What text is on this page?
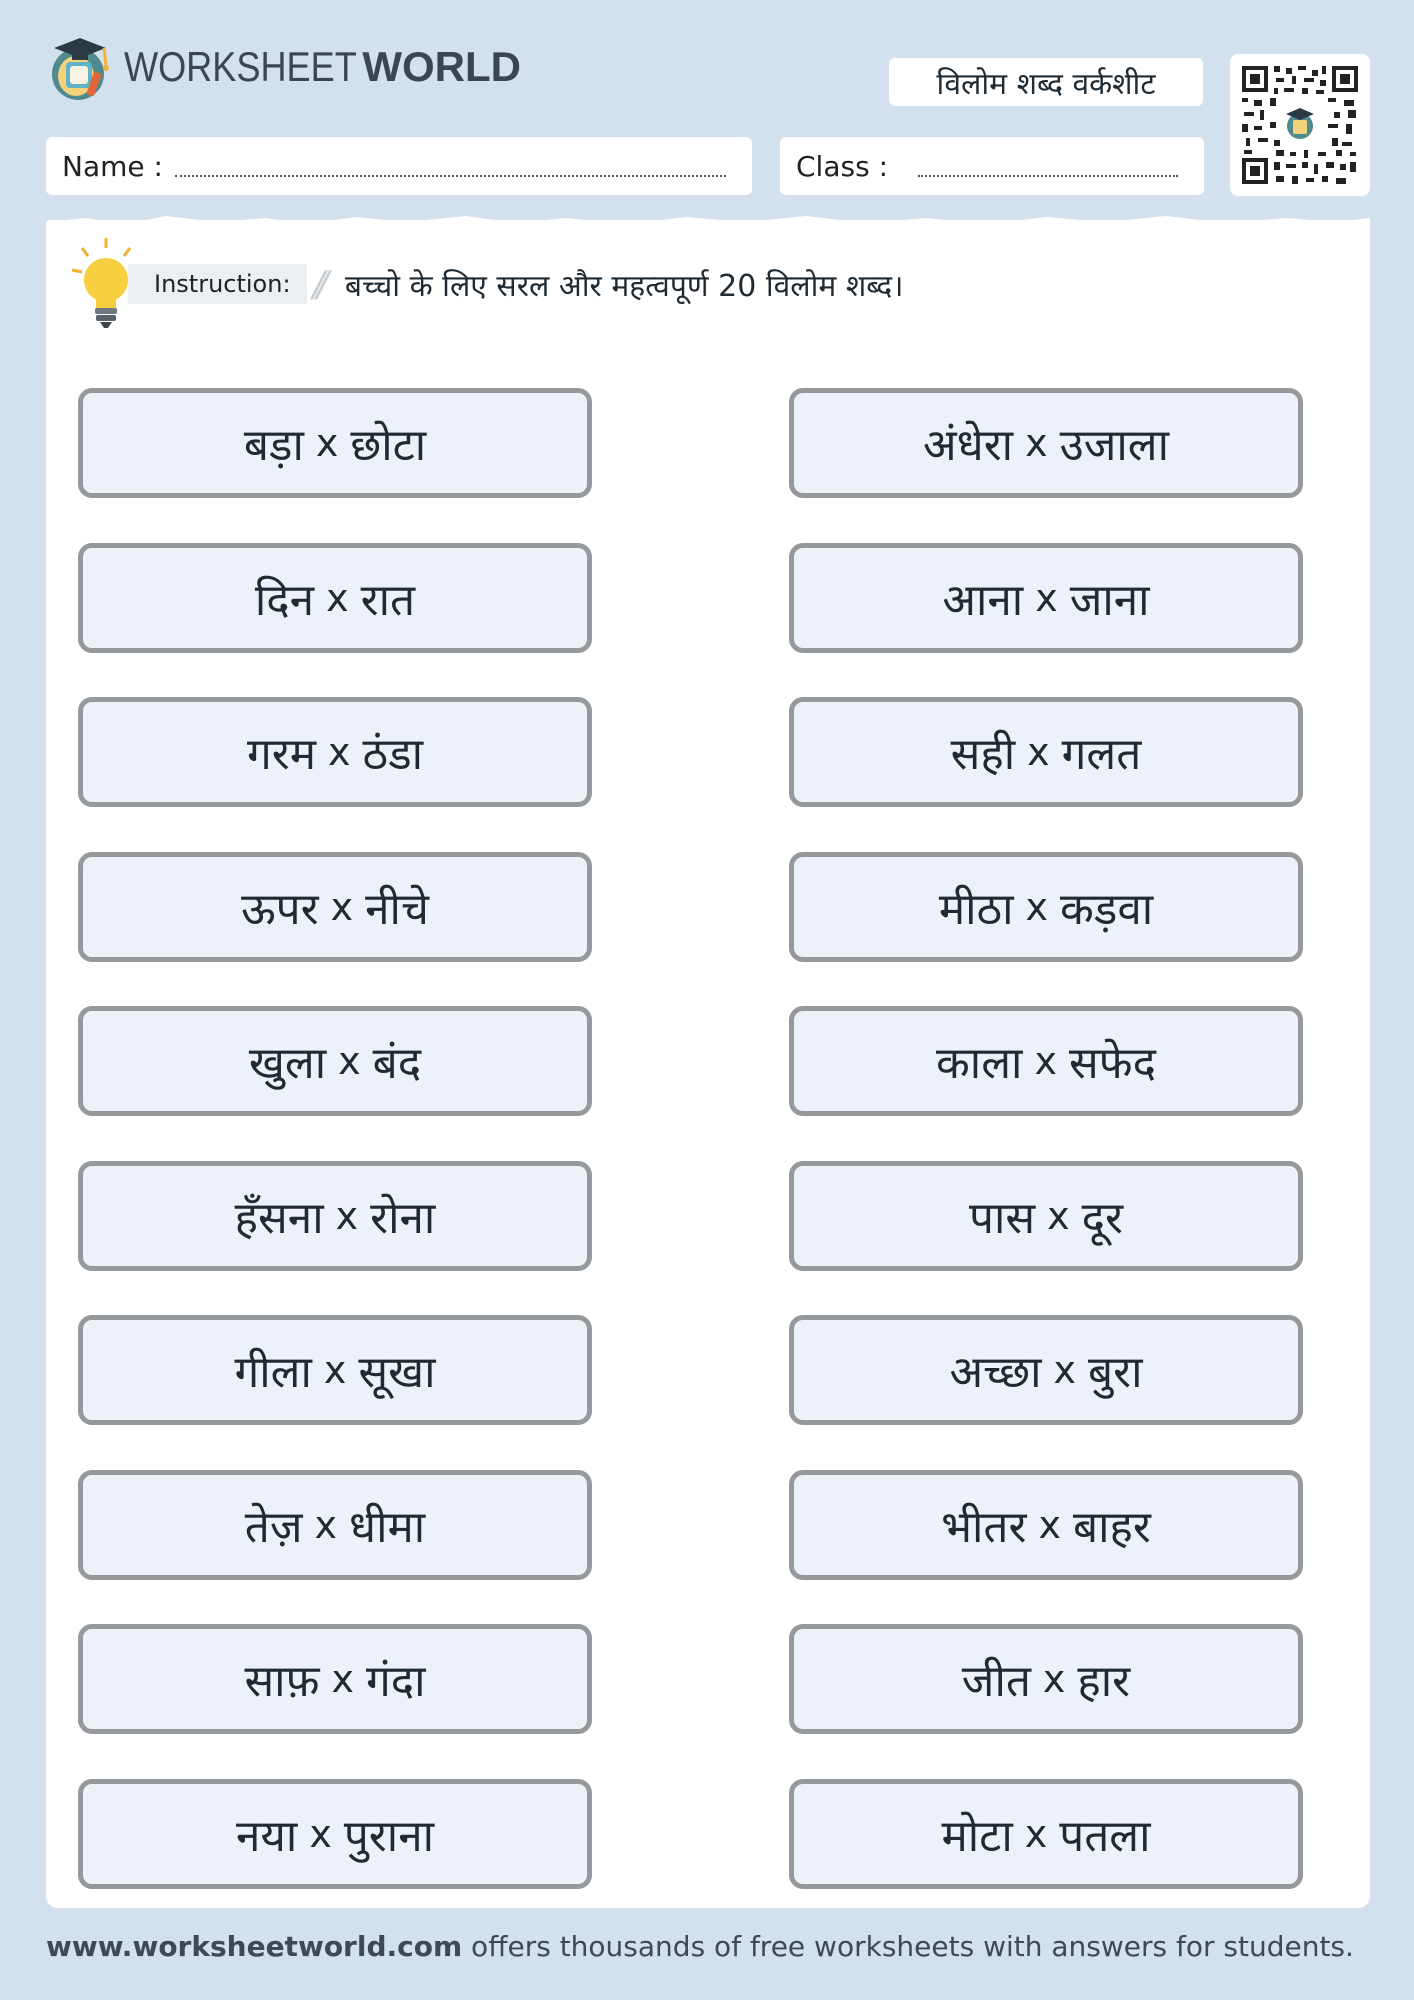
WORKSHEET WORLD	विलोम शब्द वर्कशीट
Name :	Class :
Instruction: // बच्चो के लिए सरल और महत्वपूर्ण 20 विलोम शब्द।
बड़ा x छोटा
दिन x रात
गरम x ठंडा
ऊपर x नीचे
खुला x बंद
हँसना x रोना
गीला x सूखा
तेज़ x धीमा
साफ़ x गंदा
नया x पुराना
अंधेरा x उजाला
आना x जाना
सही x गलत
मीठा x कड़वा
काला x सफेद
पास x दूर
अच्छा x बुरा
भीतर x बाहर
जीत x हार
मोटा x पतला
www.worksheetworld.com offers thousands of free worksheets with answers for students.
